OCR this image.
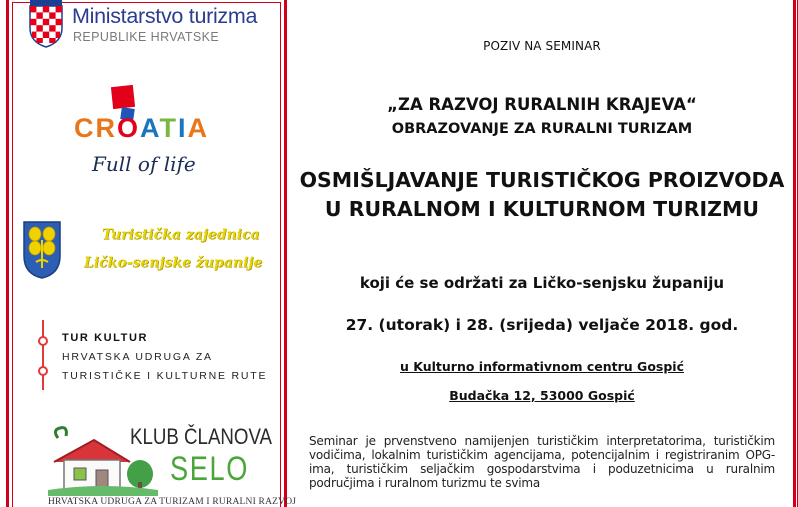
Ministarstvo turizma
REPUBLIKE HRVATSKE
CROATIA
Full of life
Turistička zajednica
Ličko-senjske županije
TUR KULTUR
HRVATSKA UDRUGA ZA
TURISTIČKE I KULTURNE RUTE
KLUB ČLANOVA
SELO
HRVATSKA UDRUGA ZA TURIZAM I RURALNI RAZVOJ
POZIV NA SEMINAR
„ZA RAZVOJ RURALNIH KRAJEVA“
OBRAZOVANJE ZA RURALNI TURIZAM
OSMIŠLJAVANJE TURISTIČKOG PROIZVODA U RURALNOM I KULTURNOM TURIZMU
koji će se održati za Ličko-senjsku županiju
27. (utorak) i 28. (srijeda) veljače 2018. god.
u Kulturno informativnom centru Gospić
Budačka 12, 53000 Gospić
Seminar je prvenstveno namijenjen turističkim interpretatorima, turističkim vodičima, lokalnim turističkim agencijama, potencijalnim i registriranim OPG-ima, turističkim seljačkim gospodarstvima i poduzetnicima u ruralnim područjima i ruralnom turizmu te svima
